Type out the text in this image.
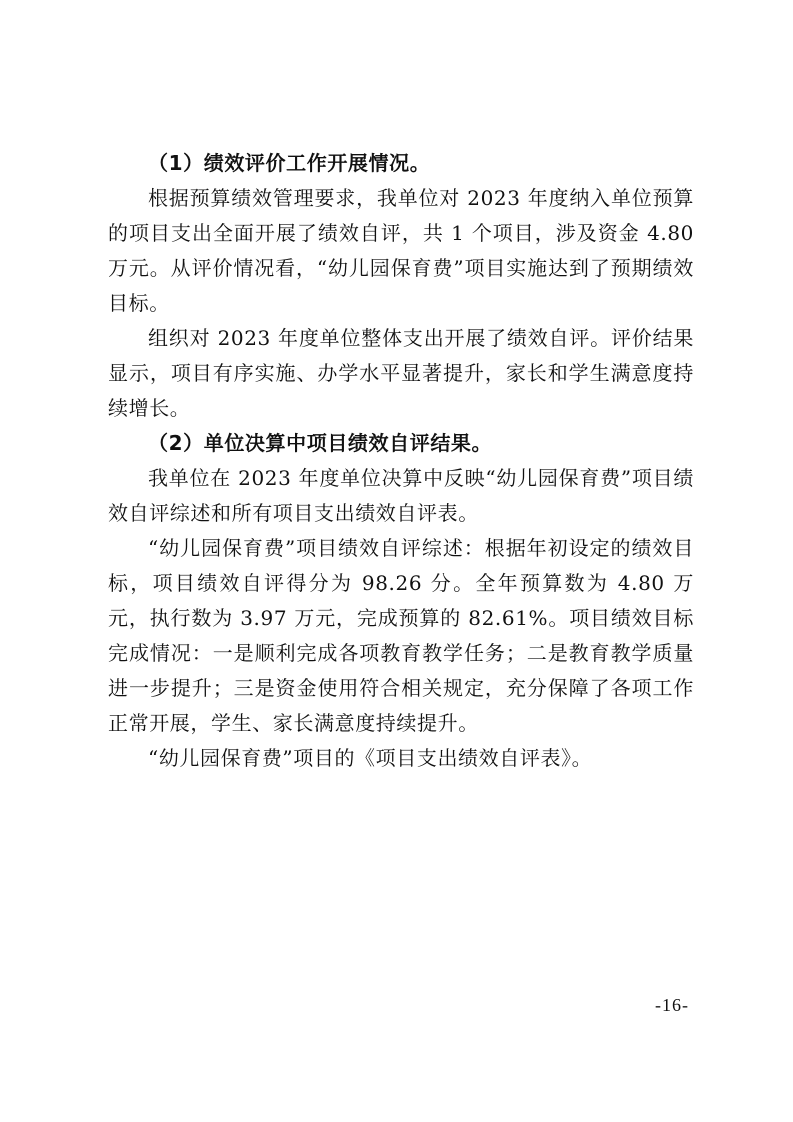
（1）绩效评价工作开展情况。

根据预算绩效管理要求，我单位对 2023 年度纳入单位预算的项目支出全面开展了绩效自评，共 1 个项目，涉及资金 4.80 万元。从评价情况看，“幼儿园保育费”项目实施达到了预期绩效目标。

组织对 2023 年度单位整体支出开展了绩效自评。评价结果显示，项目有序实施、办学水平显著提升，家长和学生满意度持续增长。

（2）单位决算中项目绩效自评结果。

我单位在 2023 年度单位决算中反映“幼儿园保育费”项目绩效自评综述和所有项目支出绩效自评表。

“幼儿园保育费”项目绩效自评综述：根据年初设定的绩效目标，项目绩效自评得分为 98.26 分。全年预算数为 4.80 万元，执行数为 3.97 万元，完成预算的 82.61%。项目绩效目标完成情况：一是顺利完成各项教育教学任务；二是教育教学质量进一步提升；三是资金使用符合相关规定，充分保障了各项工作正常开展，学生、家长满意度持续提升。

“幼儿园保育费”项目的《项目支出绩效自评表》。

-16-
